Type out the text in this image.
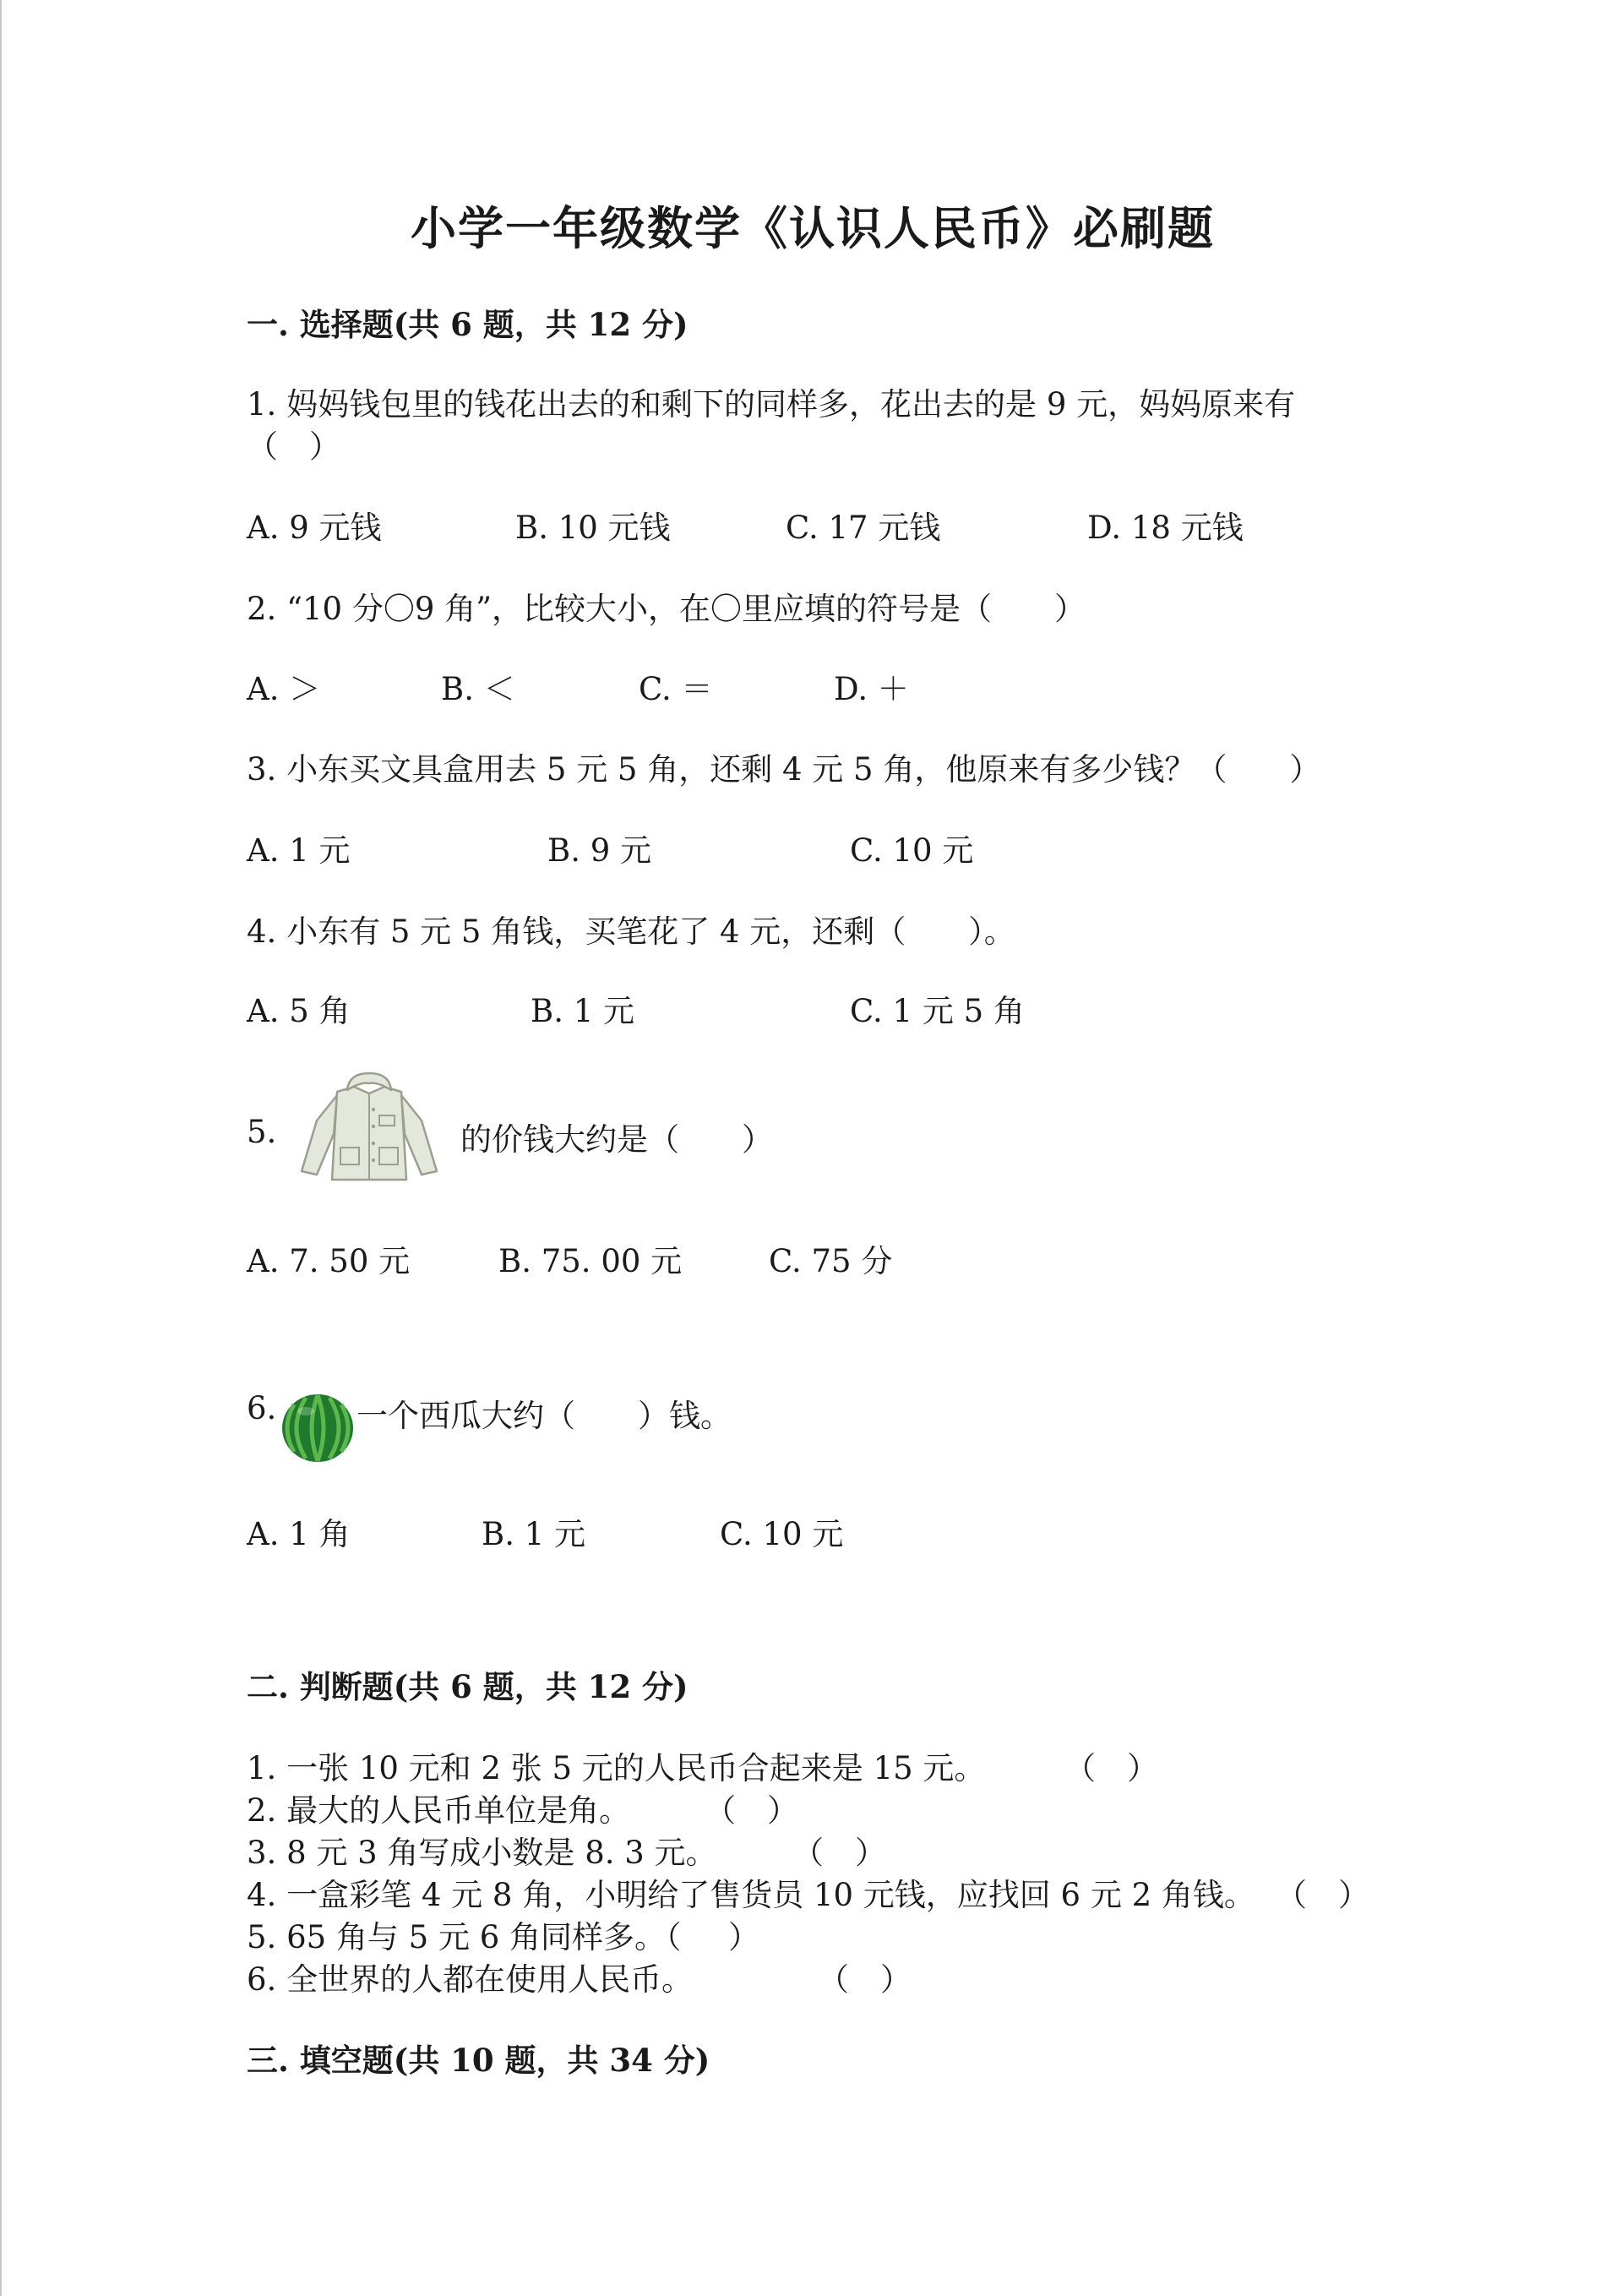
小学一年级数学《认识人民币》必刷题
一. 选择题(共 6 题，共 12 分)
1. 妈妈钱包里的钱花出去的和剩下的同样多，花出去的是 9 元，妈妈原来有
（　）
A. 9 元钱	B. 10 元钱	C. 17 元钱	D. 18 元钱
2. “10 分〇9 角”，比较大小，在〇里应填的符号是（　　）
A. ＞	B. ＜	C. ＝	D. ＋
3. 小东买文具盒用去 5 元 5 角，还剩 4 元 5 角，他原来有多少钱？（　　）
A. 1 元	B. 9 元	C. 10 元
4. 小东有 5 元 5 角钱，买笔花了 4 元，还剩（　　）。
A. 5 角	B. 1 元	C. 1 元 5 角
5.	的价钱大约是（　　）
A. 7. 50 元	B. 75. 00 元	C. 75 分
6.	一个西瓜大约（　　）钱。
A. 1 角	B. 1 元	C. 10 元
二. 判断题(共 6 题，共 12 分)
1. 一张 10 元和 2 张 5 元的人民币合起来是 15 元。	（　）
2. 最大的人民币单位是角。 （　）
3. 8 元 3 角写成小数是 8. 3 元。 （　）
4. 一盒彩笔 4 元 8 角，小明给了售货员 10 元钱，应找回 6 元 2 角钱。 （　）
5. 65 角与 5 元 6 角同样多。（ ）
6. 全世界的人都在使用人民币。	（　）
三. 填空题(共 10 题，共 34 分)
